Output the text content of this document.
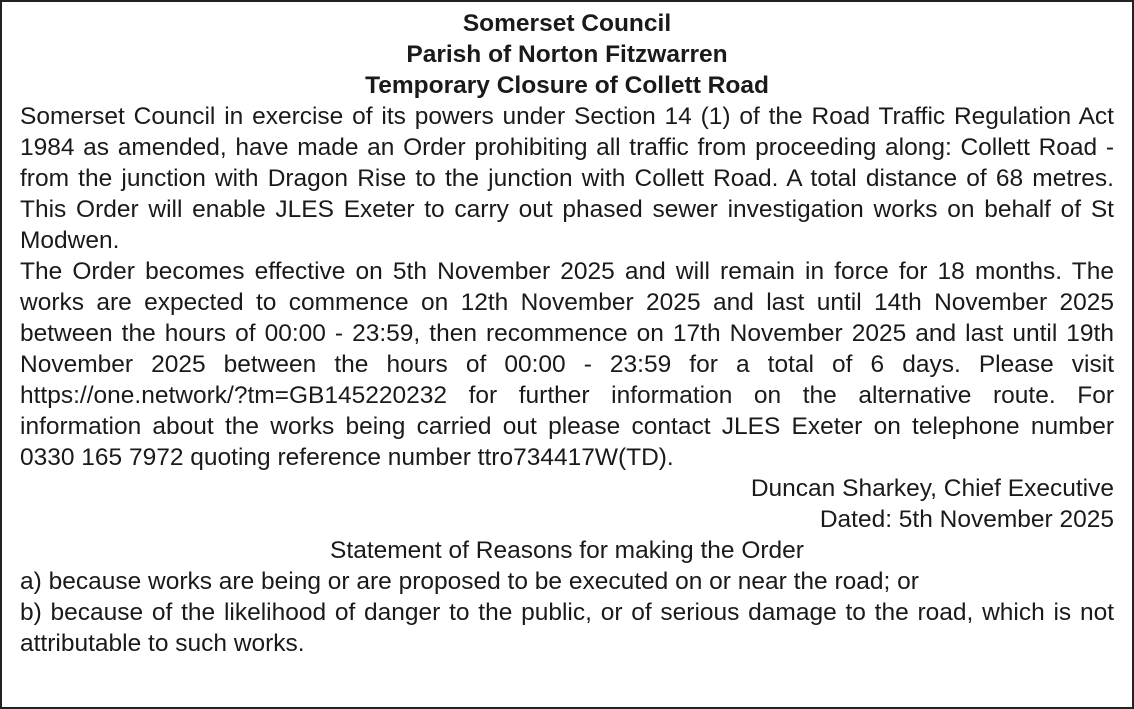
Somerset Council

Parish of Norton Fitzwarren

Temporary Closure of Collett Road

Somerset Council in exercise of its powers under Section 14 (1) of the Road Traffic Regulation Act 1984 as amended, have made an Order prohibiting all traffic from proceeding along: Collett Road - from the junction with Dragon Rise to the junction with Collett Road. A total distance of 68 metres. This Order will enable JLES Exeter to carry out phased sewer investigation works on behalf of St Modwen.

The Order becomes effective on 5th November 2025 and will remain in force for 18 months. The works are expected to commence on 12th November 2025 and last until 14th November 2025 between the hours of 00:00 - 23:59, then recommence on 17th November 2025 and last until 19th November 2025 between the hours of 00:00 - 23:59 for a total of 6 days. Please visit https://one.network/?tm=GB145220232 for further information on the alternative route. For information about the works being carried out please contact JLES Exeter on telephone number 0330 165 7972 quoting reference number ttro734417W(TD).

Duncan Sharkey, Chief Executive

Dated: 5th November 2025

Statement of Reasons for making the Order

a) because works are being or are proposed to be executed on or near the road; or

b) because of the likelihood of danger to the public, or of serious damage to the road, which is not attributable to such works.
